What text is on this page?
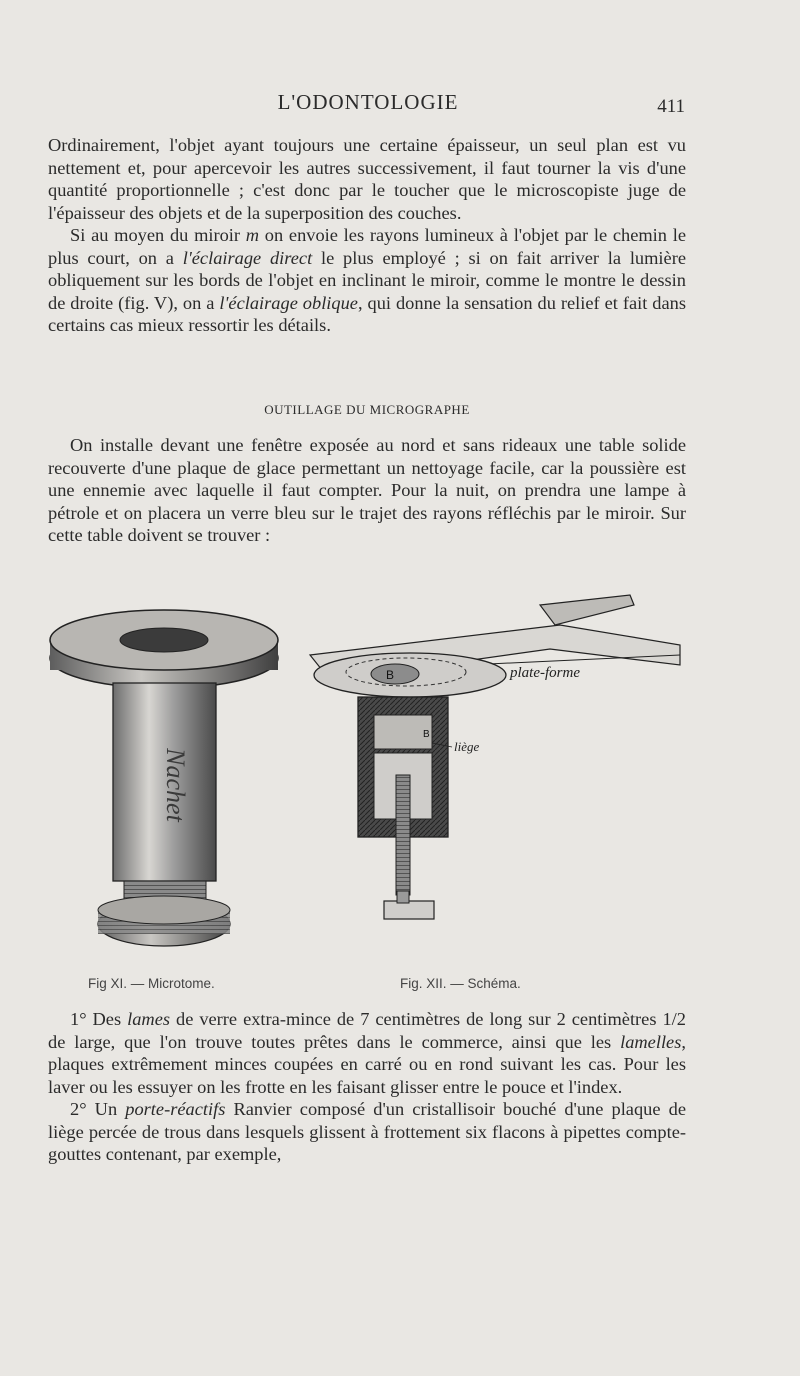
L'ODONTOLOGIE	411

Ordinairement, l'objet ayant toujours une certaine épaisseur, un seul plan est vu nettement et, pour apercevoir les autres successivement, il faut tourner la vis d'une quantité proportionnelle ; c'est donc par le toucher que le microscopiste juge de l'épaisseur des objets et de la superposition des couches.

Si au moyen du miroir m on envoie les rayons lumineux à l'objet par le chemin le plus court, on a l'éclairage direct le plus employé ; si on fait arriver la lumière obliquement sur les bords de l'objet en inclinant le miroir, comme le montre le dessin de droite (fig. V), on a l'éclairage oblique, qui donne la sensation du relief et fait dans certains cas mieux ressortir les détails.

OUTILLAGE DU MICROGRAPHE

On installe devant une fenêtre exposée au nord et sans rideaux une table solide recouverte d'une plaque de glace permettant un nettoyage facile, car la poussière est une ennemie avec laquelle il faut compter. Pour la nuit, on prendra une lampe à pétrole et on placera un verre bleu sur le trajet des rayons réfléchis par le miroir. Sur cette table doivent se trouver :

Nachet
B	plate-forme
B
liège
Fig XI. — Microtome.	Fig. XII. — Schéma.

1° Des lames de verre extra-mince de 7 centimètres de long sur 2 centimètres 1/2 de large, que l'on trouve toutes prêtes dans le commerce, ainsi que les lamelles, plaques extrêmement minces coupées en carré ou en rond suivant les cas. Pour les laver ou les essuyer on les frotte en les faisant glisser entre le pouce et l'index.

2° Un porte-réactifs Ranvier composé d'un cristallisoir bouché d'une plaque de liège percée de trous dans lesquels glissent à frottement six flacons à pipettes compte-gouttes contenant, par exemple,
